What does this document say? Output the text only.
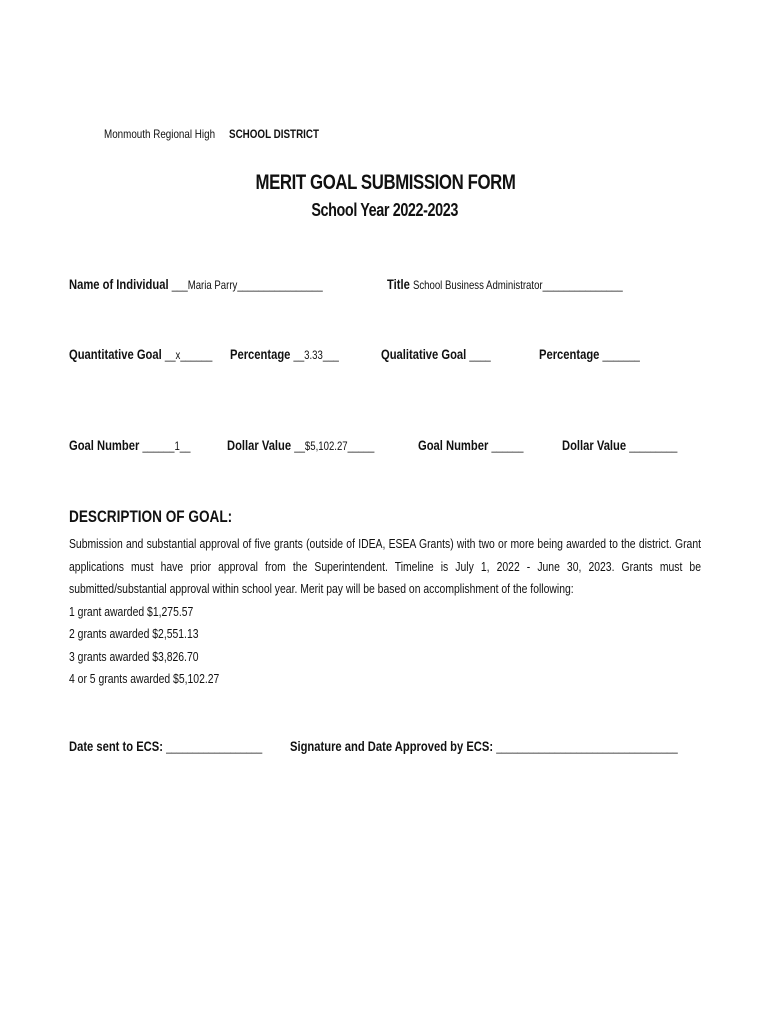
Monmouth Regional High SCHOOL DISTRICT
MERIT GOAL SUBMISSION FORM
School Year 2022-2023
Name of Individual ___Maria Parry________________	Title School Business Administrator_______________
Quantitative Goal __x______	Percentage __3.33___	Qualitative Goal ____	Percentage _______
Goal Number ______1__	Dollar Value __$5,102.27_____	Goal Number ______	Dollar Value _________
DESCRIPTION OF GOAL:

Submission and substantial approval of five grants (outside of IDEA, ESEA Grants) with two or more being awarded to the district. Grant applications must have prior approval from the Superintendent. Timeline is July 1, 2022 - June 30, 2023. Grants must be submitted/substantial approval within school year. Merit pay will be based on accomplishment of the following:

1 grant awarded $1,275.57
2 grants awarded $2,551.13
3 grants awarded $3,826.70
4 or 5 grants awarded $5,102.27
Date sent to ECS: __________________	Signature and Date Approved by ECS: __________________________________
